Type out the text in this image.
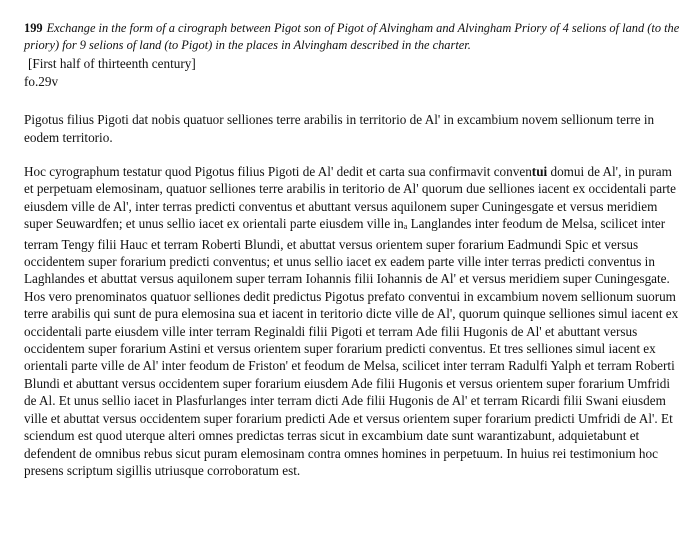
199 Exchange in the form of a cirograph between Pigot son of Pigot of Alvingham and Alvingham Priory of 4 selions of land (to the priory) for 9 selions of land (to Pigot) in the places in Alvingham described in the charter.

[First half of thirteenth century]
fo.29v

Pigotus filius Pigoti dat nobis quatuor selliones terre arabilis in territorio de Al' in excambium novem sellionum terre in eodem territorio.

Hoc cyrographum testatur quod Pigotus filius Pigoti de Al' dedit et carta sua confirmavit conventui domui de Al', in puram et perpetuam elemosinam, quatuor selliones terre arabilis in teritorio de Al' quorum due selliones iacent ex occidentali parte eiusdem ville de Al', inter terras predicti conventus et abuttant versus aquilonem super Cuningesgate et versus meridiem super Seuwardfen; et unus sellio iacet ex orientali parte eiusdem ville ina Langlandes inter feodum de Melsa, scilicet inter terram Tengy filii Hauc et terram Roberti Blundi, et abuttat versus orientem super forarium Eadmundi Spic et versus occidentem super forarium predicti conventus; et unus sellio iacet ex eadem parte ville inter terras predicti conventus in Laghlandes et abuttat versus aquilonem super terram Iohannis filii Iohannis de Al' et versus meridiem super Cuningesgate. Hos vero prenominatos quatuor selliones dedit predictus Pigotus prefato conventui in excambium novem sellionum suorum terre arabilis qui sunt de pura elemosina sua et iacent in teritorio dicte ville de Al', quorum quinque selliones simul iacent ex occidentali parte eiusdem ville inter terram Reginaldi filii Pigoti et terram Ade filii Hugonis de Al' et abuttant versus occidentem super forarium Astini et versus orientem super forarium predicti conventus. Et tres selliones simul iacent ex orientali parte ville de Al' inter feodum de Friston' et feodum de Melsa, scilicet inter terram Radulfi Yalph et terram Roberti Blundi et abuttant versus occidentem super forarium eiusdem Ade filii Hugonis et versus orientem super forarium Umfridi de Al. Et unus sellio iacet in Plasfurlanges inter terram dicti Ade filii Hugonis de Al' et terram Ricardi filii Swani eiusdem ville et abuttat versus occidentem super forarium predicti Ade et versus orientem super forarium predicti Umfridi de Al'. Et sciendum est quod uterque alteri omnes predictas terras sicut in excambium date sunt warantizabunt, adquietabunt et defendent de omnibus rebus sicut puram elemosinam contra omnes homines in perpetuum. In huius rei testimonium hoc presens scriptum sigillis utriusque corroboratum est.
